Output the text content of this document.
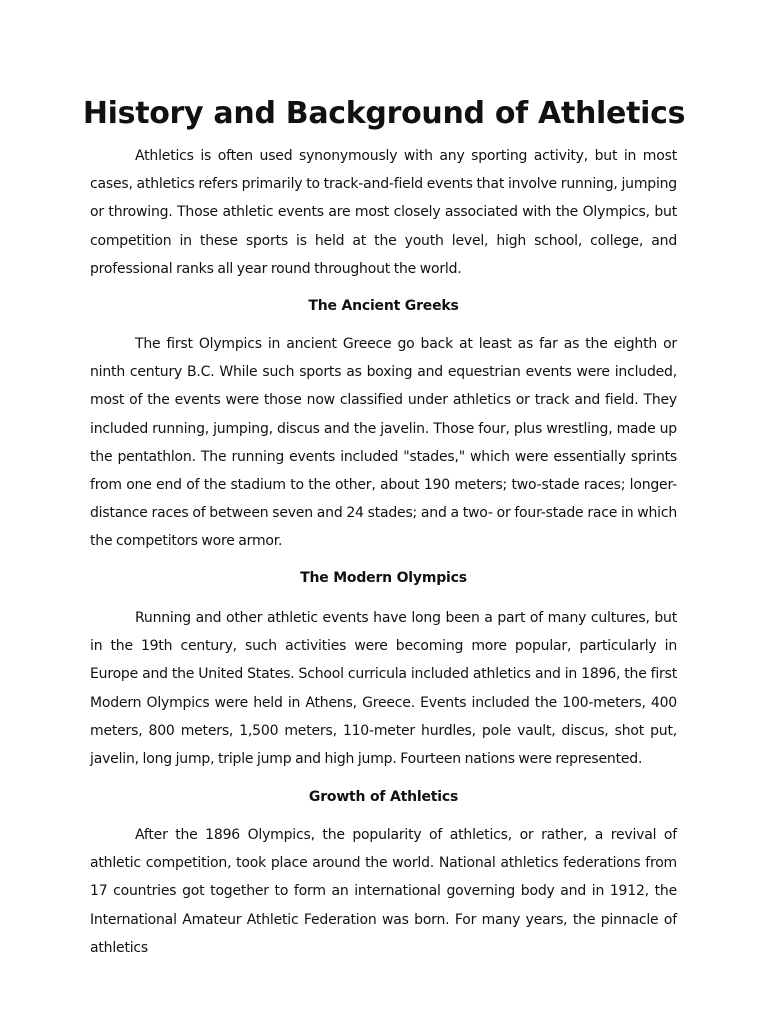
History and Background of Athletics

Athletics is often used synonymously with any sporting activity, but in most cases, athletics refers primarily to track-and-field events that involve running, jumping or throwing. Those athletic events are most closely associated with the Olympics, but competition in these sports is held at the youth level, high school, college, and professional ranks all year round throughout the world.

The Ancient Greeks

The first Olympics in ancient Greece go back at least as far as the eighth or ninth century B.C. While such sports as boxing and equestrian events were included, most of the events were those now classified under athletics or track and field. They included running, jumping, discus and the javelin. Those four, plus wrestling, made up the pentathlon. The running events included "stades," which were essentially sprints from one end of the stadium to the other, about 190 meters; two-stade races; longer-distance races of between seven and 24 stades; and a two- or four-stade race in which the competitors wore armor.

The Modern Olympics

Running and other athletic events have long been a part of many cultures, but in the 19th century, such activities were becoming more popular, particularly in Europe and the United States. School curricula included athletics and in 1896, the first Modern Olympics were held in Athens, Greece. Events included the 100-meters, 400 meters, 800 meters, 1,500 meters, 110-meter hurdles, pole vault, discus, shot put, javelin, long jump, triple jump and high jump. Fourteen nations were represented.

Growth of Athletics

After the 1896 Olympics, the popularity of athletics, or rather, a revival of athletic competition, took place around the world. National athletics federations from 17 countries got together to form an international governing body and in 1912, the International Amateur Athletic Federation was born. For many years, the pinnacle of athletics
